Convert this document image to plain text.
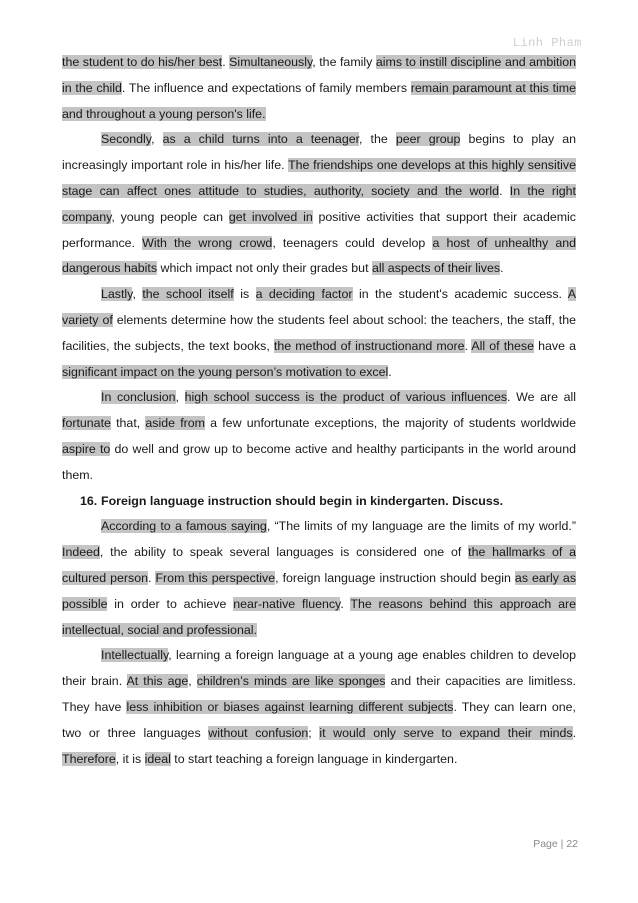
Linh Pham

the student to do his/her best. Simultaneously, the family aims to instill discipline and ambition in the child. The influence and expectations of family members remain paramount at this time and throughout a young person's life.

Secondly, as a child turns into a teenager, the peer group begins to play an increasingly important role in his/her life. The friendships one develops at this highly sensitive stage can affect ones attitude to studies, authority, society and the world. In the right company, young people can get involved in positive activities that support their academic performance. With the wrong crowd, teenagers could develop a host of unhealthy and dangerous habits which impact not only their grades but all aspects of their lives.

Lastly, the school itself is a deciding factor in the student's academic success. A variety of elements determine how the students feel about school: the teachers, the staff, the facilities, the subjects, the text books, the method of instructionand more. All of these have a significant impact on the young person’s motivation to excel.

In conclusion, high school success is the product of various influences. We are all fortunate that, aside from a few unfortunate exceptions, the majority of students worldwide aspire to do well and grow up to become active and healthy participants in the world around them.

16. Foreign language instruction should begin in kindergarten. Discuss.

According to a famous saying, “The limits of my language are the limits of my world.” Indeed, the ability to speak several languages is considered one of the hallmarks of a cultured person. From this perspective, foreign language instruction should begin as early as possible in order to achieve near-native fluency. The reasons behind this approach are intellectual, social and professional.

Intellectually, learning a foreign language at a young age enables children to develop their brain. At this age, children’s minds are like sponges and their capacities are limitless. They have less inhibition or biases against learning different subjects. They can learn one, two or three languages without confusion; it would only serve to expand their minds. Therefore, it is ideal to start teaching a foreign language in kindergarten.

Page | 22
